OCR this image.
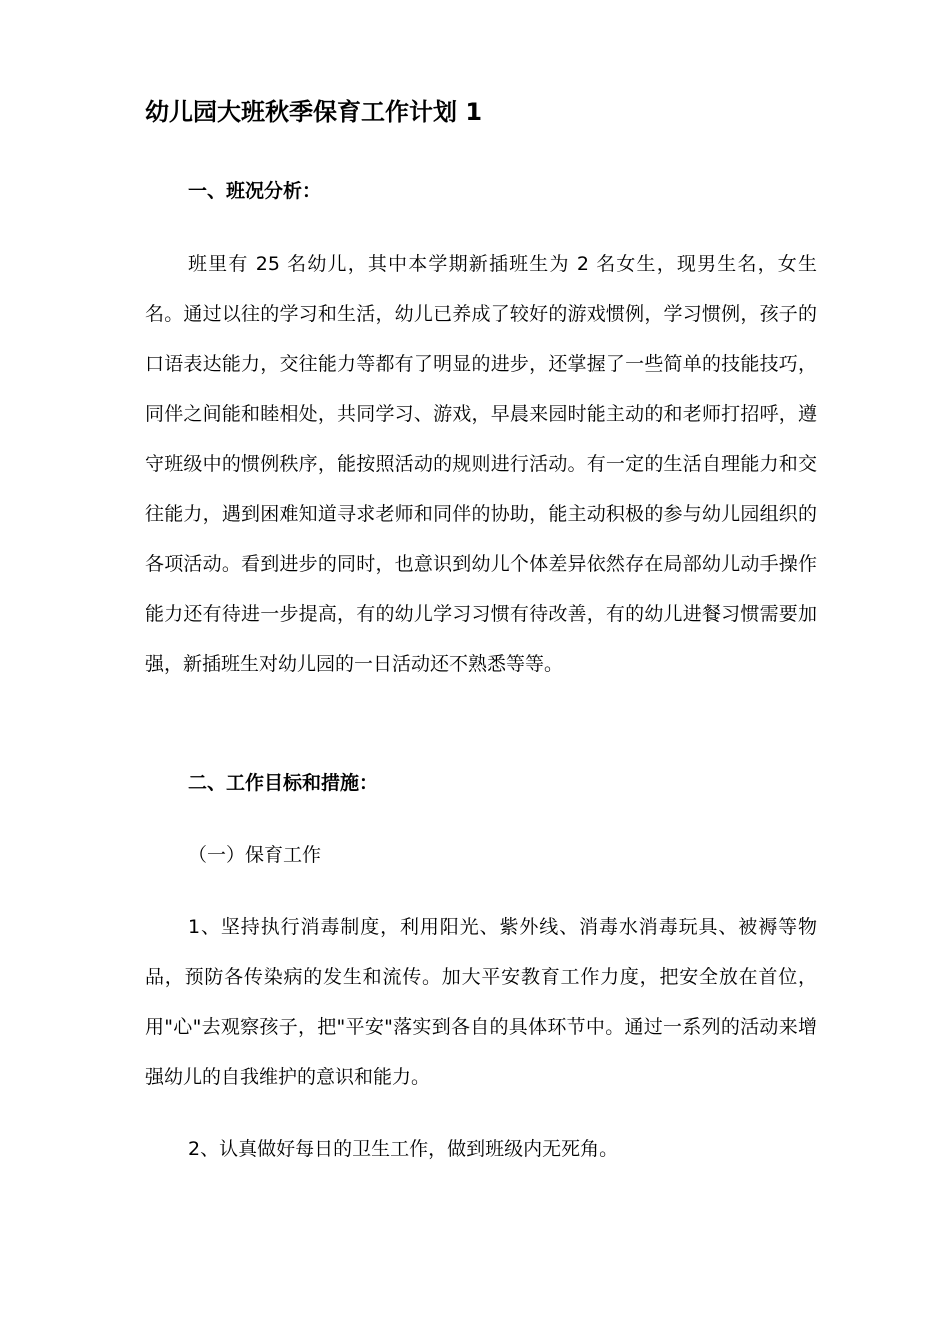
幼儿园大班秋季保育工作计划 1
一、班况分析：

班里有 25 名幼儿，其中本学期新插班生为 2 名女生，现男生名，女生名。通过以往的学习和生活，幼儿已养成了较好的游戏惯例，学习惯例，孩子的口语表达能力，交往能力等都有了明显的进步，还掌握了一些简单的技能技巧，同伴之间能和睦相处，共同学习、游戏，早晨来园时能主动的和老师打招呼，遵守班级中的惯例秩序，能按照活动的规则进行活动。有一定的生活自理能力和交往能力，遇到困难知道寻求老师和同伴的协助，能主动积极的参与幼儿园组织的各项活动。看到进步的同时，也意识到幼儿个体差异依然存在局部幼儿动手操作能力还有待进一步提高，有的幼儿学习习惯有待改善，有的幼儿进餐习惯需要加强，新插班生对幼儿园的一日活动还不熟悉等等。

二、工作目标和措施：
（一）保育工作

1、坚持执行消毒制度，利用阳光、紫外线、消毒水消毒玩具、被褥等物品，预防各传染病的发生和流传。加大平安教育工作力度，把安全放在首位，用"心"去观察孩子，把"平安"落实到各自的具体环节中。通过一系列的活动来增强幼儿的自我维护的意识和能力。

2、认真做好每日的卫生工作，做到班级内无死角。
